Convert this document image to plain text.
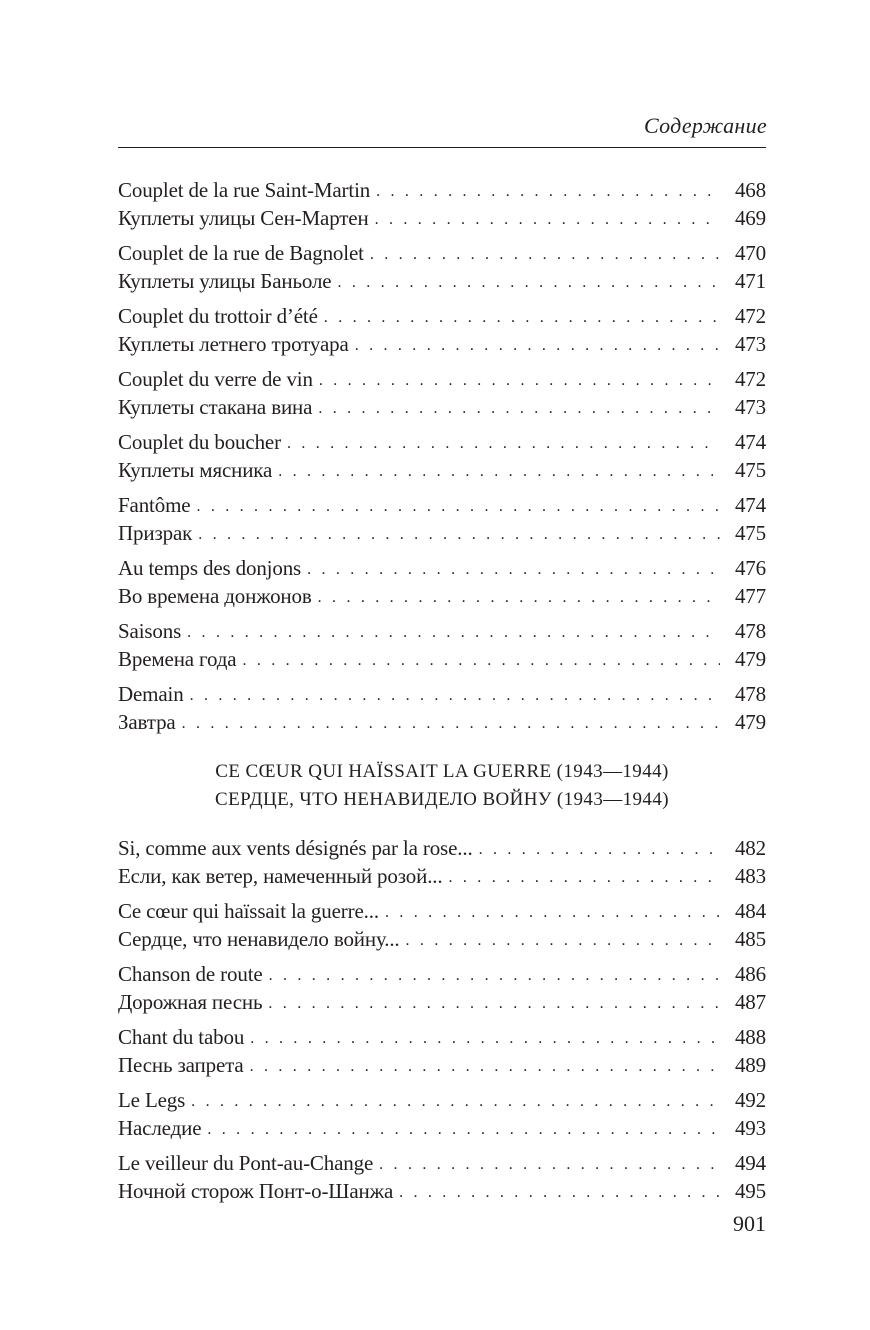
Содержание
Couplet de la rue Saint-Martin . . .	468
Куплеты улицы Сен-Мартен . . .	469
Couplet de la rue de Bagnolet . . .	470
Куплеты улицы Баньоле . . .	471
Couplet du trottoir d’été . . .	472
Куплеты летнего тротуара . . .	473
Couplet du verre de vin . . .	472
Куплеты стакана вина . . .	473
Couplet du boucher . . .	474
Куплеты мясника . . .	475
Fantôme . . .	474
Призрак . . .	475
Au temps des donjons . . .	476
Во времена донжонов . . .	477
Saisons . . .	478
Времена года . . .	479
Demain . . .	478
Завтра . . .	479
CE CŒUR QUI HAÏSSAIT LA GUERRE (1943—1944)
СЕРДЦЕ, ЧТО НЕНАВИДЕЛО ВОЙНУ (1943—1944)
Si, comme aux vents désignés par la rose... . . .	482
Если, как ветер, намеченный розой... . . .	483
Ce cœur qui haïssait la guerre... . . .	484
Сердце, что ненавидело войну... . . .	485
Chanson de route . . .	486
Дорожная песнь . . .	487
Chant du tabou . . .	488
Песнь запрета . . .	489
Le Legs . . .	492
Наследие . . .	493
Le veilleur du Pont-au-Change . . .	494
Ночной сторож Понт-о-Шанжа . . .	495

901
